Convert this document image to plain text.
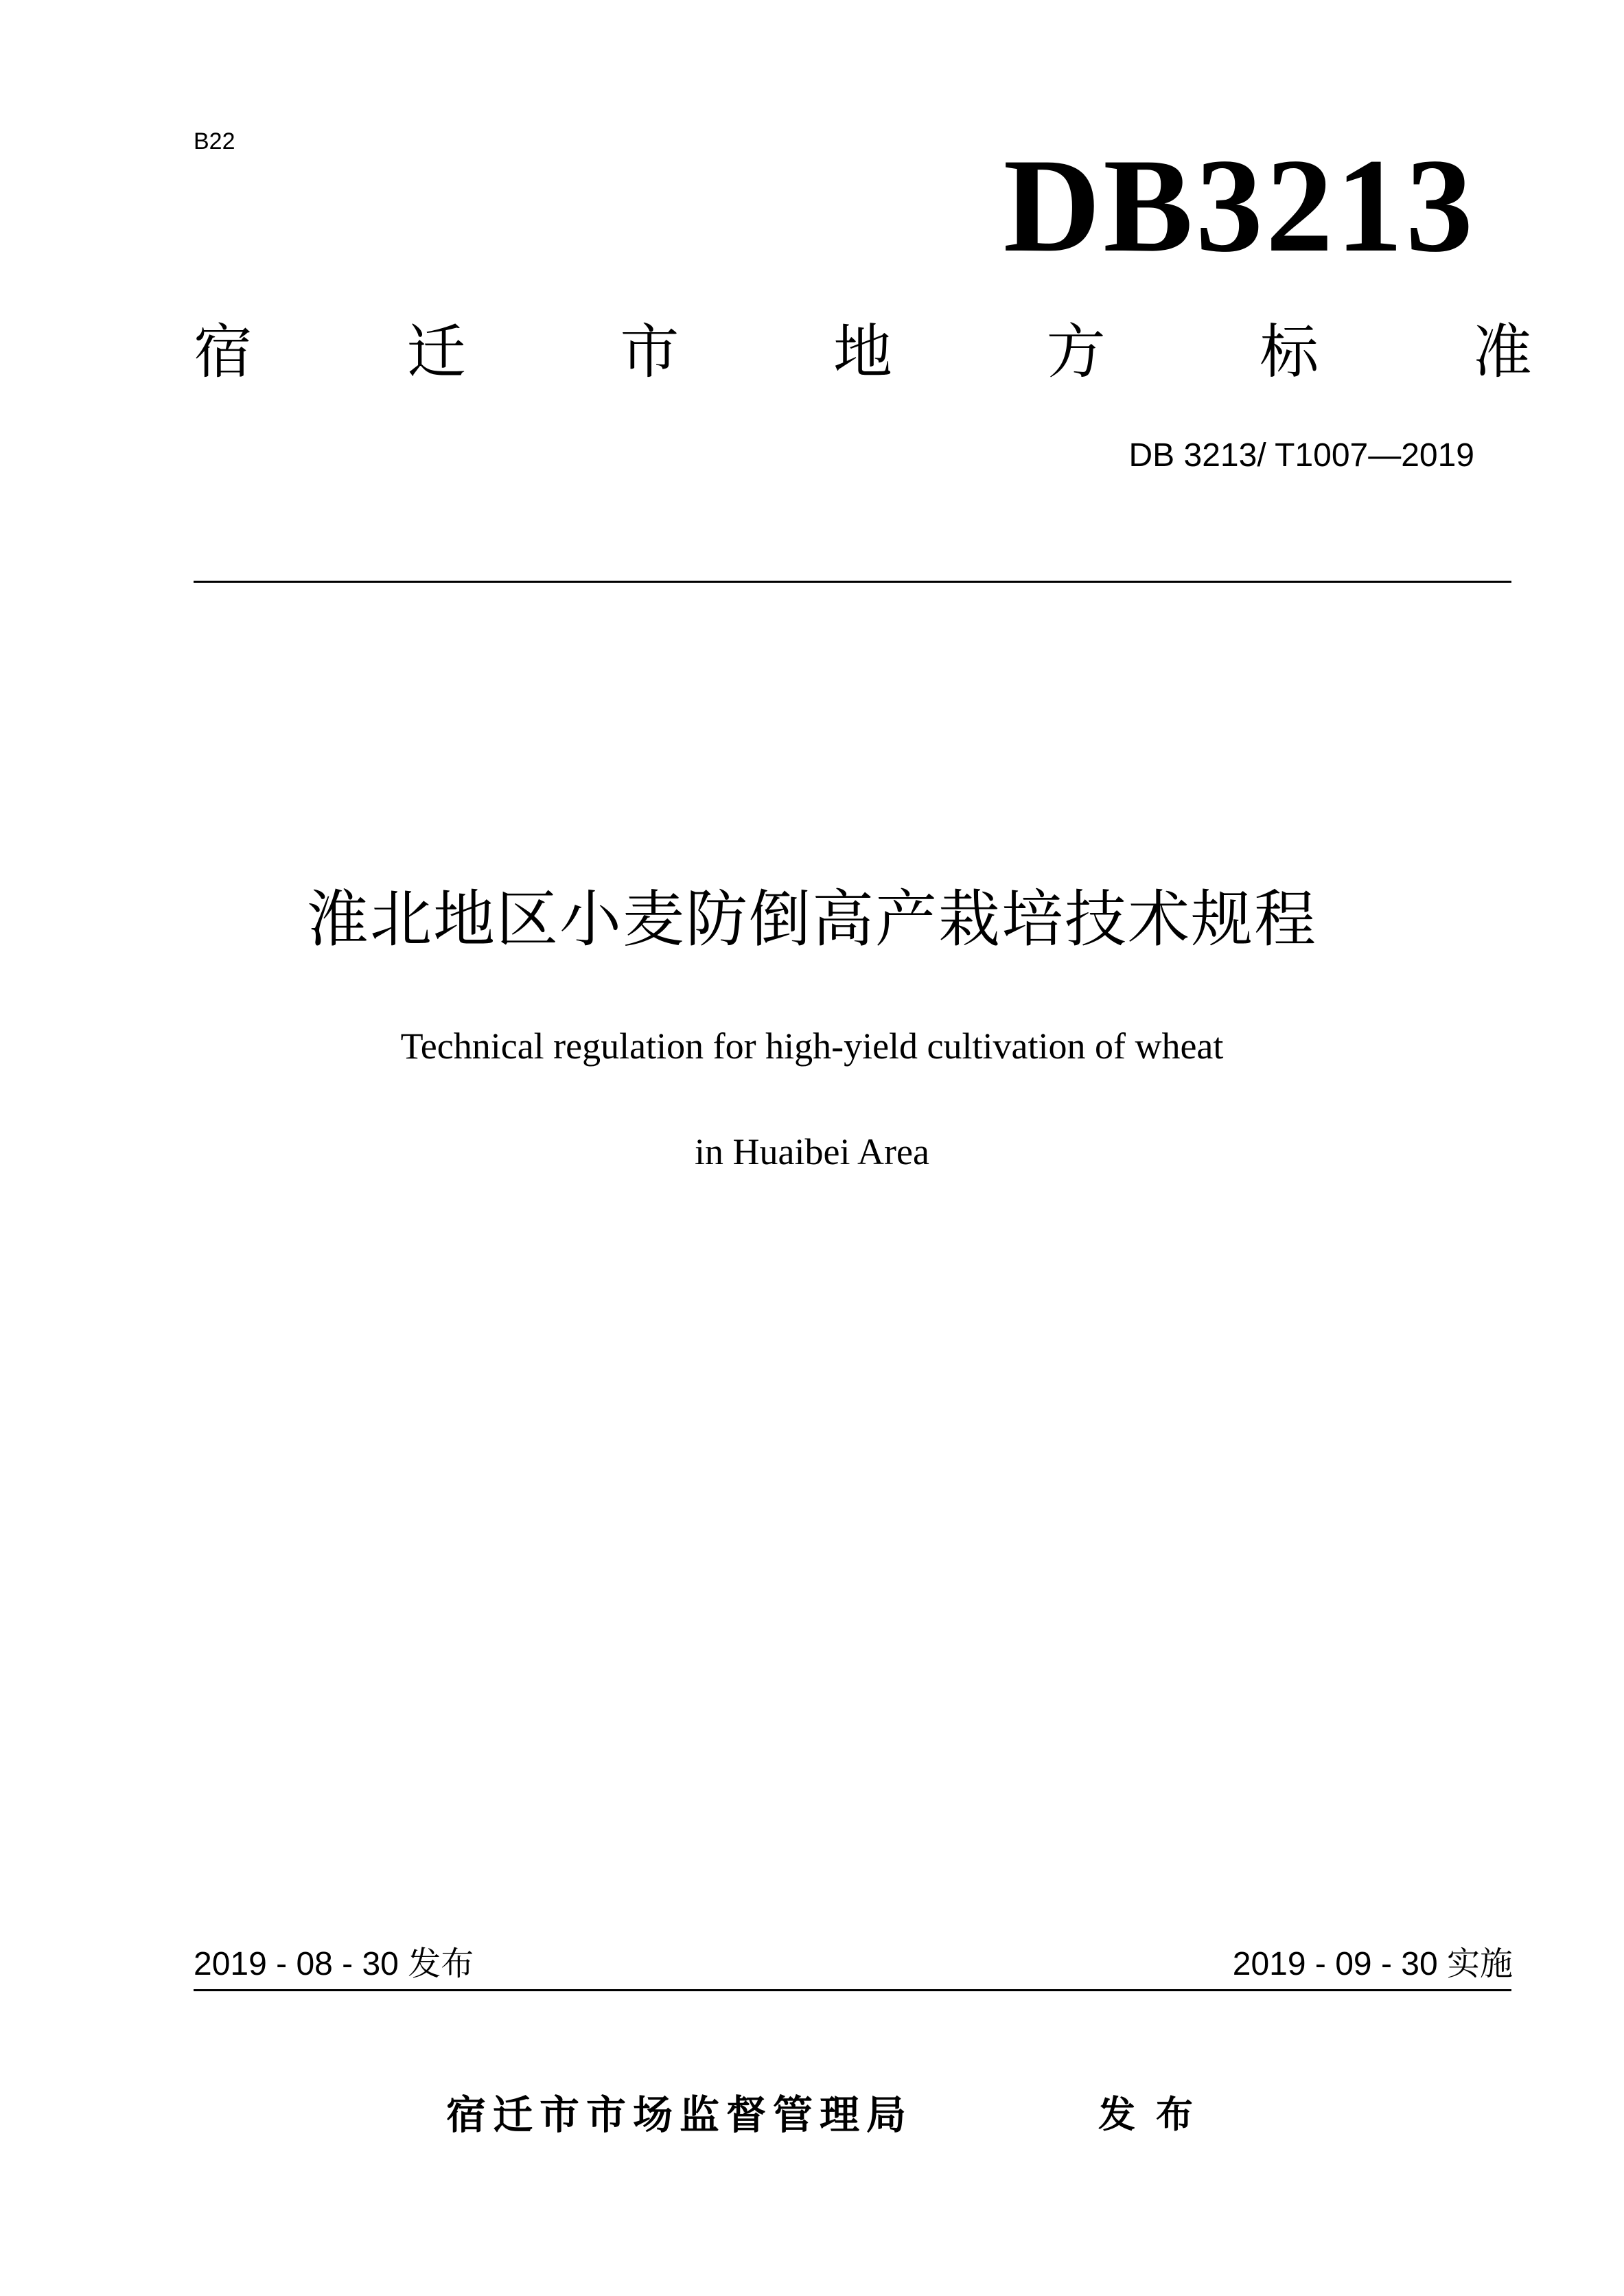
B22	DB3213
宿	迁	市	地	方	标	准
DB 3213/ T1007—2019
淮北地区小麦防倒高产栽培技术规程
Technical regulation for high-yield cultivation of wheat
in Huaibei Area
2019 - 08 - 30 发布	2019 - 09 - 30 实施
宿迁市市场监督管理局	发布
